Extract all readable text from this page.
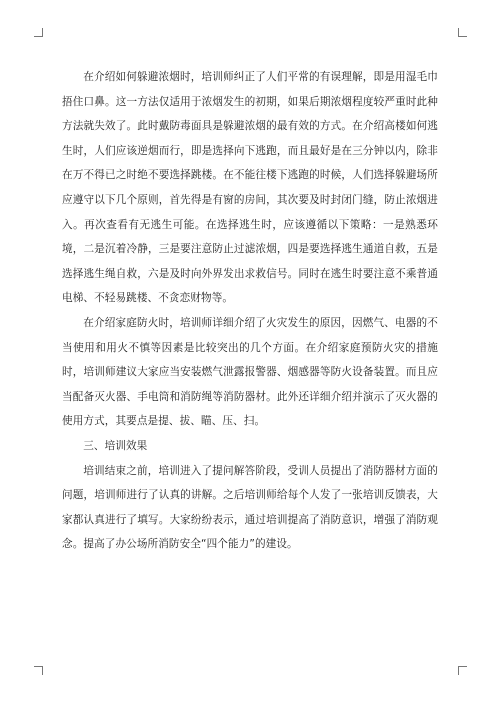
在介绍如何躲避浓烟时，培训师纠正了人们平常的有误理解，即是用湿毛巾捂住口鼻。这一方法仅适用于浓烟发生的初期，如果后期浓烟程度较严重时此种方法就失效了。此时戴防毒面具是躲避浓烟的最有效的方式。在介绍高楼如何逃生时，人们应该逆烟而行，即是选择向下逃跑，而且最好是在三分钟以内，除非在万不得已之时绝不要选择跳楼。在不能往楼下逃跑的时候，人们选择躲避场所应遵守以下几个原则，首先得是有窗的房间，其次要及时封闭门缝，防止浓烟进入。再次查看有无逃生可能。在选择逃生时，应该遵循以下策略：一是熟悉环境，二是沉着冷静，三是要注意防止过滤浓烟，四是要选择逃生通道自救，五是选择逃生绳自救，六是及时向外界发出求救信号。同时在逃生时要注意不乘普通电梯、不轻易跳楼、不贪恋财物等。

在介绍家庭防火时，培训师详细介绍了火灾发生的原因，因燃气、电器的不当使用和用火不慎等因素是比较突出的几个方面。在介绍家庭预防火灾的措施时，培训师建议大家应当安装燃气泄露报警器、烟感器等防火设备装置。而且应当配备灭火器、手电筒和消防绳等消防器材。此外还详细介绍并演示了灭火器的使用方式，其要点是提、拔、瞄、压、扫。

三、培训效果

培训结束之前，培训进入了提问解答阶段，受训人员提出了消防器材方面的问题，培训师进行了认真的讲解。之后培训师给每个人发了一张培训反馈表，大家都认真进行了填写。大家纷纷表示，通过培训提高了消防意识，增强了消防观念。提高了办公场所消防安全“四个能力”的建设。
